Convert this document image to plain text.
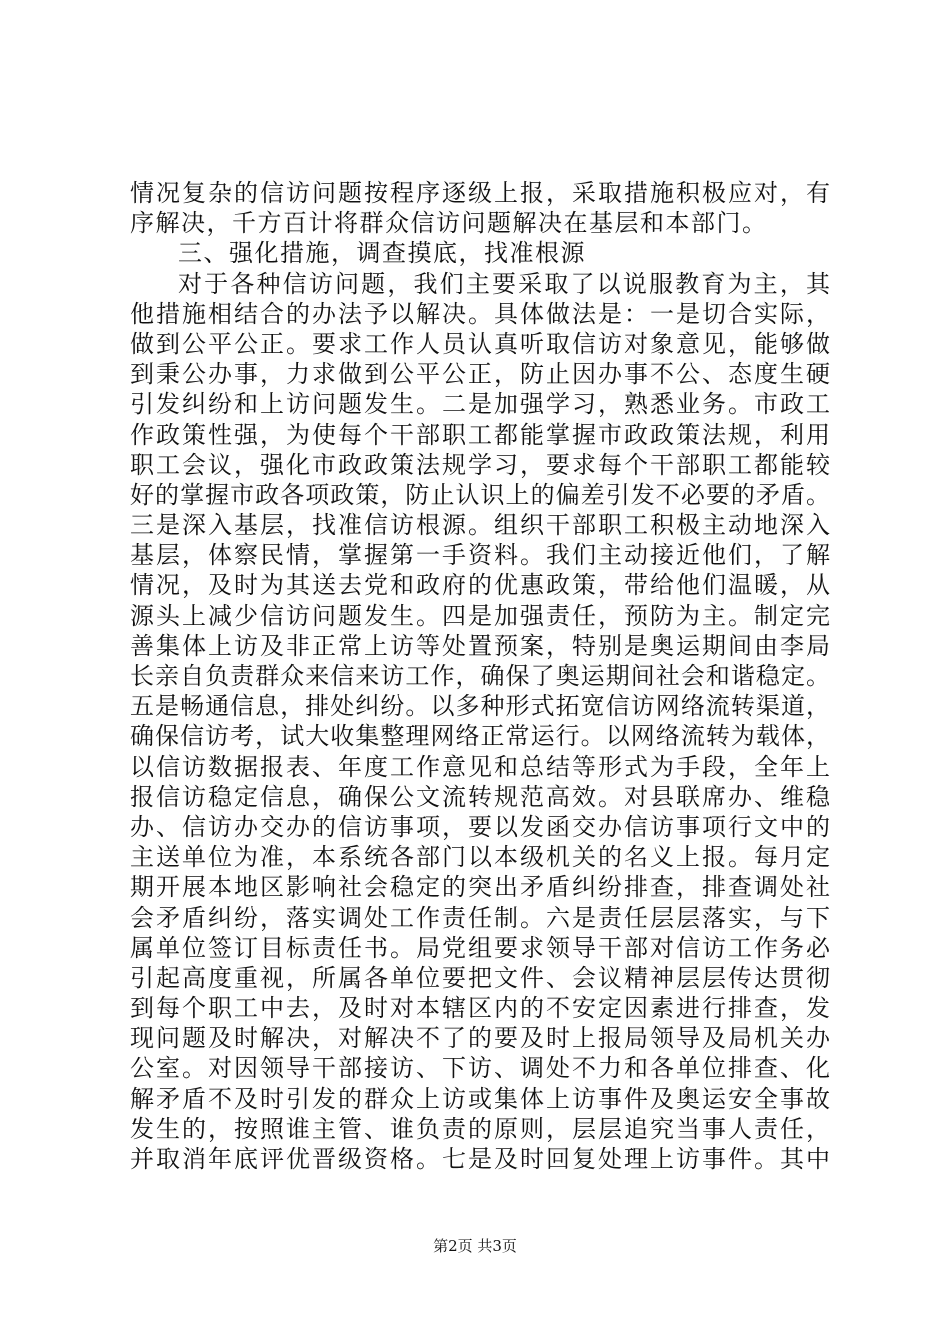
情况复杂的信访问题按程序逐级上报，采取措施积极应对，有
序解决，千方百计将群众信访问题解决在基层和本部门。
三、强化措施，调查摸底，找准根源
对于各种信访问题，我们主要采取了以说服教育为主，其
他措施相结合的办法予以解决。具体做法是：一是切合实际，
做到公平公正。要求工作人员认真听取信访对象意见，能够做
到秉公办事，力求做到公平公正，防止因办事不公、态度生硬
引发纠纷和上访问题发生。二是加强学习，熟悉业务。市政工
作政策性强，为使每个干部职工都能掌握市政政策法规，利用
职工会议，强化市政政策法规学习，要求每个干部职工都能较
好的掌握市政各项政策，防止认识上的偏差引发不必要的矛盾。
三是深入基层，找准信访根源。组织干部职工积极主动地深入
基层，体察民情，掌握第一手资料。我们主动接近他们，了解
情况，及时为其送去党和政府的优惠政策，带给他们温暖，从
源头上减少信访问题发生。四是加强责任，预防为主。制定完
善集体上访及非正常上访等处置预案，特别是奥运期间由李局
长亲自负责群众来信来访工作，确保了奥运期间社会和谐稳定。
五是畅通信息，排处纠纷。以多种形式拓宽信访网络流转渠道，
确保信访考，试大收集整理网络正常运行。以网络流转为载体，
以信访数据报表、年度工作意见和总结等形式为手段，全年上
报信访稳定信息，确保公文流转规范高效。对县联席办、维稳
办、信访办交办的信访事项，要以发函交办信访事项行文中的
主送单位为准，本系统各部门以本级机关的名义上报。每月定
期开展本地区影响社会稳定的突出矛盾纠纷排查，排查调处社
会矛盾纠纷，落实调处工作责任制。六是责任层层落实，与下
属单位签订目标责任书。局党组要求领导干部对信访工作务必
引起高度重视，所属各单位要把文件、会议精神层层传达贯彻
到每个职工中去，及时对本辖区内的不安定因素进行排查，发
现问题及时解决，对解决不了的要及时上报局领导及局机关办
公室。对因领导干部接访、下访、调处不力和各单位排查、化
解矛盾不及时引发的群众上访或集体上访事件及奥运安全事故
发生的，按照谁主管、谁负责的原则，层层追究当事人责任，
并取消年底评优晋级资格。七是及时回复处理上访事件。其中
第2页 共3页
